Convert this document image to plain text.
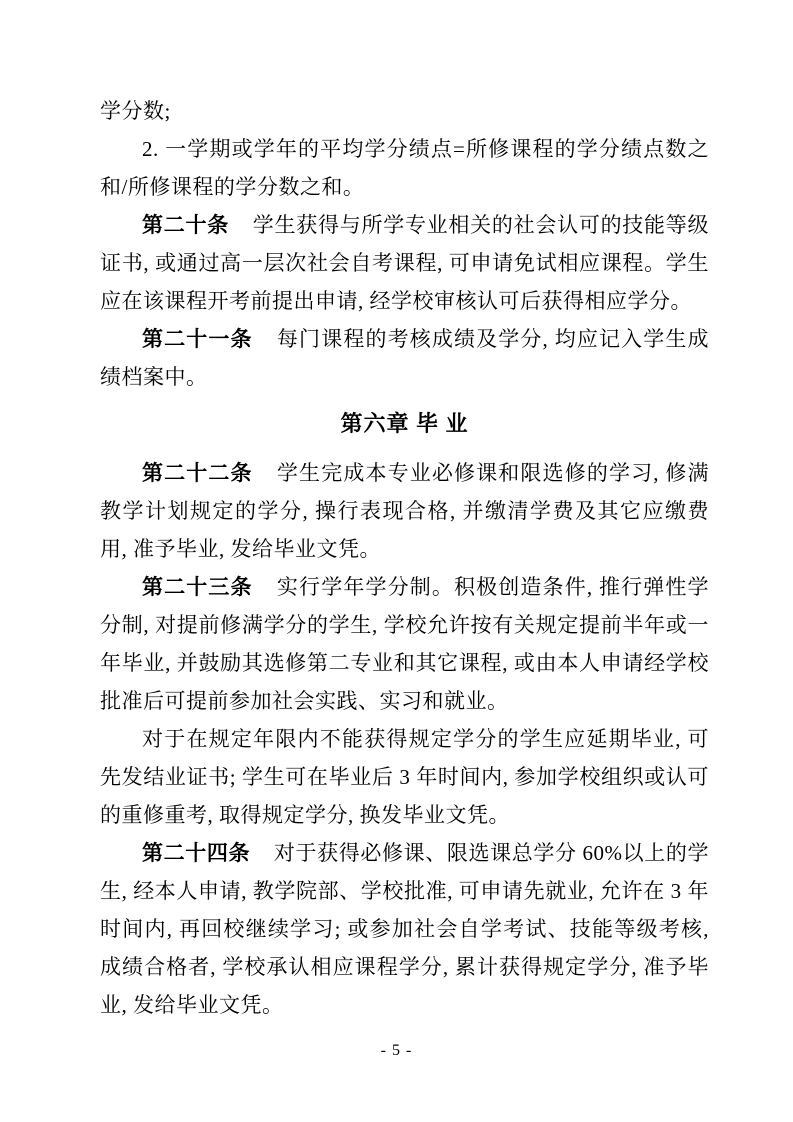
学分数;

2. 一学期或学年的平均学分绩点=所修课程的学分绩点数之和/所修课程的学分数之和。

第二十条 学生获得与所学专业相关的社会认可的技能等级证书, 或通过高一层次社会自考课程, 可申请免试相应课程。学生应在该课程开考前提出申请, 经学校审核认可后获得相应学分。

第二十一条 每门课程的考核成绩及学分, 均应记入学生成绩档案中。

第六章 毕 业

第二十二条 学生完成本专业必修课和限选修的学习, 修满教学计划规定的学分, 操行表现合格, 并缴清学费及其它应缴费用, 准予毕业, 发给毕业文凭。

第二十三条 实行学年学分制。积极创造条件, 推行弹性学分制, 对提前修满学分的学生, 学校允许按有关规定提前半年或一年毕业, 并鼓励其选修第二专业和其它课程, 或由本人申请经学校批准后可提前参加社会实践、实习和就业。

对于在规定年限内不能获得规定学分的学生应延期毕业, 可先发结业证书; 学生可在毕业后 3 年时间内, 参加学校组织或认可的重修重考, 取得规定学分, 换发毕业文凭。

第二十四条 对于获得必修课、限选课总学分 60%以上的学生, 经本人申请, 教学院部、学校批准, 可申请先就业, 允许在 3 年时间内, 再回校继续学习; 或参加社会自学考试、技能等级考核, 成绩合格者, 学校承认相应课程学分, 累计获得规定学分, 准予毕业, 发给毕业文凭。

- 5 -
